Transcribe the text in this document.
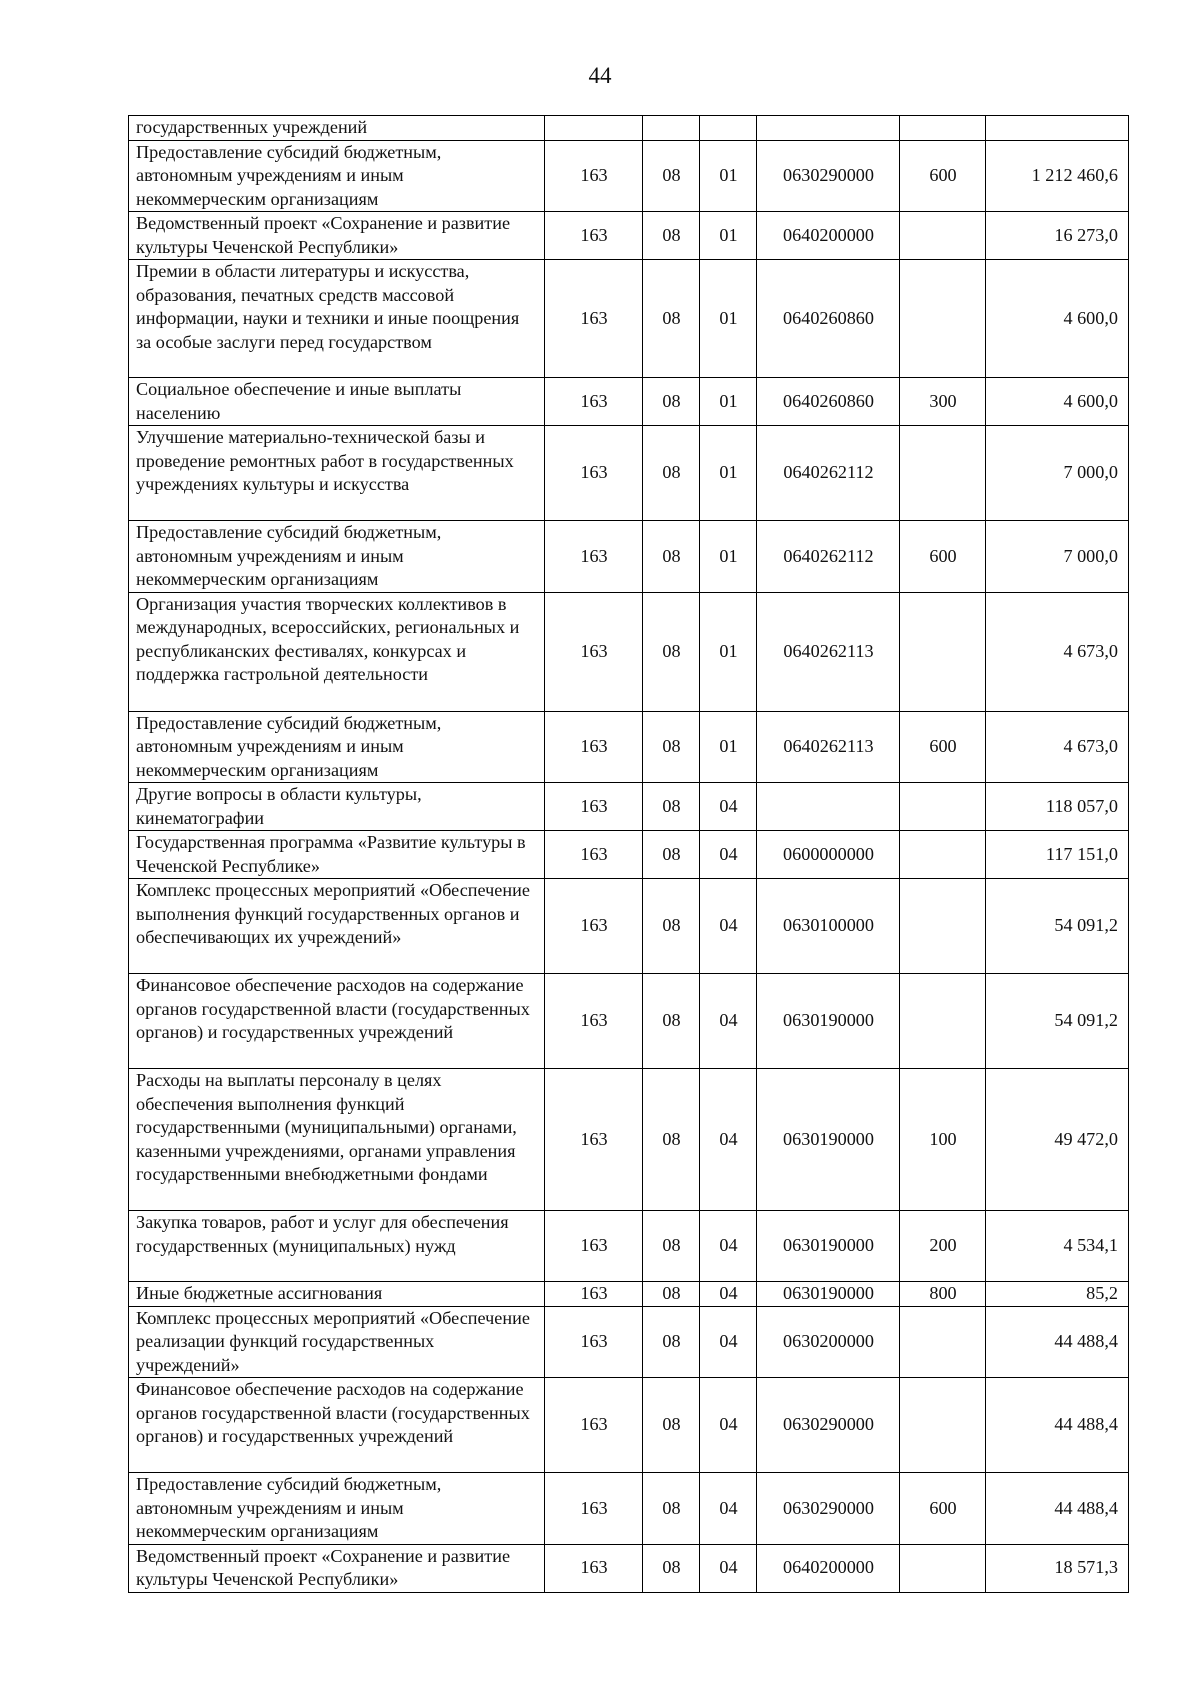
44
государственных учреждений						
Предоставление субсидий бюджетным, автономным учреждениям и иным некоммерческим организациям	163	08	01	0630290000	600	1 212 460,6
Ведомственный проект «Сохранение и развитие культуры Чеченской Республики»	163	08	01	0640200000		16 273,0
Премии в области литературы и искусства, образования, печатных средств массовой информации, науки и техники и иные поощрения за особые заслуги перед государством	163	08	01	0640260860		4 600,0
Социальное обеспечение и иные выплаты населению	163	08	01	0640260860	300	4 600,0
Улучшение материально-технической базы и проведение ремонтных работ в государственных учреждениях культуры и искусства	163	08	01	0640262112		7 000,0
Предоставление субсидий бюджетным, автономным учреждениям и иным некоммерческим организациям	163	08	01	0640262112	600	7 000,0
Организация участия творческих коллективов в международных, всероссийских, региональных и республиканских фестивалях, конкурсах и поддержка гастрольной деятельности	163	08	01	0640262113		4 673,0
Предоставление субсидий бюджетным, автономным учреждениям и иным некоммерческим организациям	163	08	01	0640262113	600	4 673,0
Другие вопросы в области культуры, кинематографии	163	08	04			118 057,0
Государственная программа «Развитие культуры в Чеченской Республике»	163	08	04	0600000000		117 151,0
Комплекс процессных мероприятий «Обеспечение выполнения функций государственных органов и обеспечивающих их учреждений»	163	08	04	0630100000		54 091,2
Финансовое обеспечение расходов на содержание органов государственной власти (государственных органов) и государственных учреждений	163	08	04	0630190000		54 091,2
Расходы на выплаты персоналу в целях обеспечения выполнения функций государственными (муниципальными) органами, казенными учреждениями, органами управления государственными внебюджетными фондами	163	08	04	0630190000	100	49 472,0
Закупка товаров, работ и услуг для обеспечения государственных (муниципальных) нужд	163	08	04	0630190000	200	4 534,1
Иные бюджетные ассигнования	163	08	04	0630190000	800	85,2
Комплекс процессных мероприятий «Обеспечение реализации функций государственных учреждений»	163	08	04	0630200000		44 488,4
Финансовое обеспечение расходов на содержание органов государственной власти (государственных органов) и государственных учреждений	163	08	04	0630290000		44 488,4
Предоставление субсидий бюджетным, автономным учреждениям и иным некоммерческим организациям	163	08	04	0630290000	600	44 488,4
Ведомственный проект «Сохранение и развитие культуры Чеченской Республики»	163	08	04	0640200000		18 571,3
